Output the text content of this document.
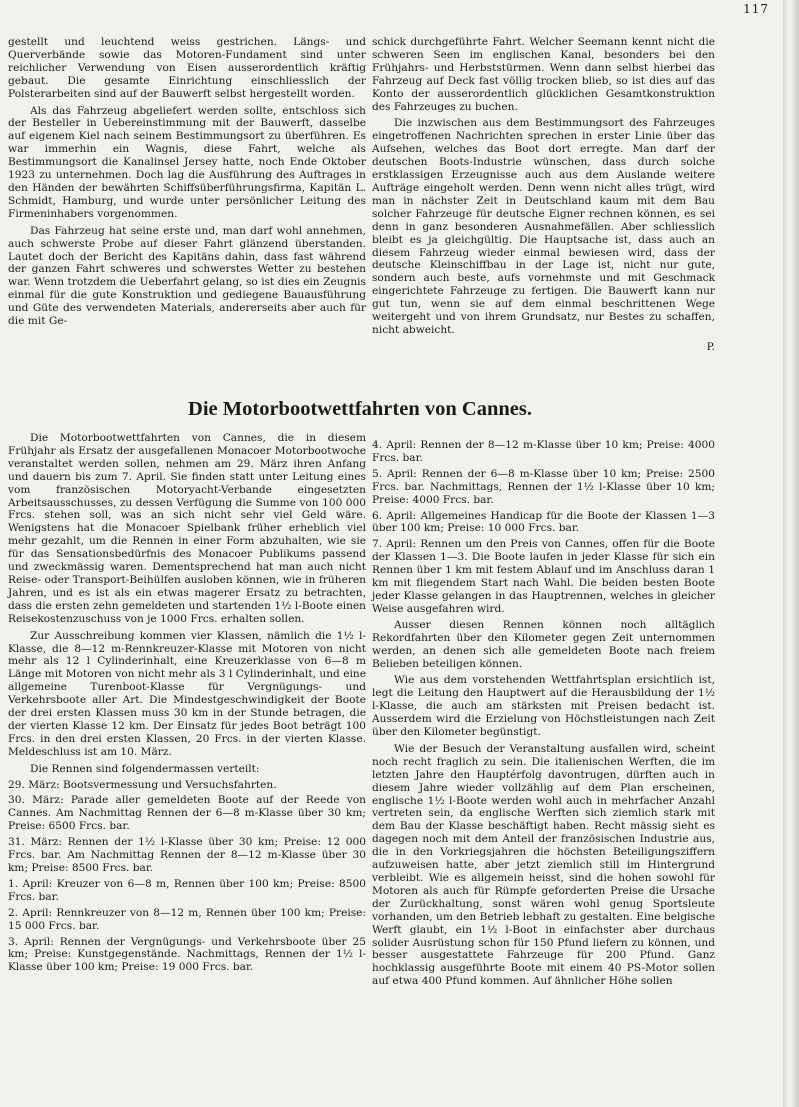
117

gestellt und leuchtend weiss gestrichen. Längs- und Querverbände sowie das Motoren-Fundament sind unter reichlicher Verwendung von Eisen ausserordentlich kräftig gebaut. Die gesamte Einrichtung einschliesslich der Polsterarbeiten sind auf der Bauwerft selbst hergestellt worden.

Als das Fahrzeug abgeliefert werden sollte, entschloss sich der Besteller in Uebereinstimmung mit der Bauwerft, dasselbe auf eigenem Kiel nach seinem Bestimmungsort zu überführen. Es war immerhin ein Wagnis, diese Fahrt, welche als Bestimmungsort die Kanalinsel Jersey hatte, noch Ende Oktober 1923 zu unternehmen. Doch lag die Ausführung des Auftrages in den Händen der bewährten Schiffsüberführungsfirma, Kapitän L. Schmidt, Hamburg, und wurde unter persönlicher Leitung des Firmeninhabers vorgenommen.

Das Fahrzeug hat seine erste und, man darf wohl annehmen, auch schwerste Probe auf dieser Fahrt glänzend überstanden. Lautet doch der Bericht des Kapitäns dahin, dass fast während der ganzen Fahrt schweres und schwerstes Wetter zu bestehen war. Wenn trotzdem die Ueberfahrt gelang, so ist dies ein Zeugnis einmal für die gute Konstruktion und gediegene Bauausführung und Güte des verwendeten Materials, andererseits aber auch für die mit Ge-

schick durchgeführte Fahrt. Welcher Seemann kennt nicht die schweren Seen im englischen Kanal, besonders bei den Frühjahrs- und Herbststürmen. Wenn dann selbst hierbei das Fahrzeug auf Deck fast völlig trocken blieb, so ist dies auf das Konto der ausserordentlich glücklichen Gesamtkonstruktion des Fahrzeuges zu buchen.

Die inzwischen aus dem Bestimmungsort des Fahrzeuges eingetroffenen Nachrichten sprechen in erster Linie über das Aufsehen, welches das Boot dort erregte. Man darf der deutschen Boots-Industrie wünschen, dass durch solche erstklassigen Erzeugnisse auch aus dem Auslande weitere Aufträge eingeholt werden. Denn wenn nicht alles trügt, wird man in nächster Zeit in Deutschland kaum mit dem Bau solcher Fahrzeuge für deutsche Eigner rechnen können, es sei denn in ganz besonderen Ausnahmefällen. Aber schliesslich bleibt es ja gleichgültig. Die Hauptsache ist, dass auch an diesem Fahrzeug wieder einmal bewiesen wird, dass der deutsche Kleinschiffbau in der Lage ist, nicht nur gute, sondern auch beste, aufs vornehmste und mit Geschmack eingerichtete Fahrzeuge zu fertigen. Die Bauwerft kann nur gut tun, wenn sie auf dem einmal beschrittenen Wege weitergeht und von ihrem Grundsatz, nur Bestes zu schaffen, nicht abweicht.

P.

Die Motorbootwettfahrten von Cannes.

Die Motorbootwettfahrten von Cannes, die in diesem Frühjahr als Ersatz der ausgefallenen Monacoer Motorbootwoche veranstaltet werden sollen, nehmen am 29. März ihren Anfang und dauern bis zum 7. April. Sie finden statt unter Leitung eines vom französischen Motoryacht-Verbande eingesetzten Arbeitsausschusses, zu dessen Verfügung die Summe von 100 000 Frcs. stehen soll, was an sich nicht sehr viel Geld wäre. Wenigstens hat die Monacoer Spielbank früher erheblich viel mehr gezahlt, um die Rennen in einer Form abzuhalten, wie sie für das Sensationsbedürfnis des Monacoer Publikums passend und zweckmässig waren. Dementsprechend hat man auch nicht Reise- oder Transport-Beihülfen ausloben können, wie in früheren Jahren, und es ist als ein etwas magerer Ersatz zu betrachten, dass die ersten zehn gemeldeten und startenden 1½ l-Boote einen Reisekostenzuschuss von je 1000 Frcs. erhalten sollen.

Zur Ausschreibung kommen vier Klassen, nämlich die 1½ l-Klasse, die 8—12 m-Rennkreuzer-Klasse mit Motoren von nicht mehr als 12 l Cylinderinhalt, eine Kreuzerklasse von 6—8 m Länge mit Motoren von nicht mehr als 3 l Cylinderinhalt, und eine allgemeine Turenboot-Klasse für Vergnügungs- und Verkehrsboote aller Art. Die Mindestgeschwindigkeit der Boote der drei ersten Klassen muss 30 km in der Stunde betragen, die der vierten Klasse 12 km. Der Einsatz für jedes Boot beträgt 100 Frcs. in den drei ersten Klassen, 20 Frcs. in der vierten Klasse. Meldeschluss ist am 10. März.

Die Rennen sind folgendermassen verteilt:

29. März: Bootsvermessung und Versuchsfahrten.

30. März: Parade aller gemeldeten Boote auf der Reede von Cannes. Am Nachmittag Rennen der 6—8 m-Klasse über 30 km; Preise: 6500 Frcs. bar.

31. März: Rennen der 1½ l-Klasse über 30 km; Preise: 12 000 Frcs. bar. Am Nachmittag Rennen der 8—12 m-Klasse über 30 km; Preise: 8500 Frcs. bar.

1. April: Kreuzer von 6—8 m, Rennen über 100 km; Preise: 8500 Frcs. bar.

2. April: Rennkreuzer von 8—12 m, Rennen über 100 km; Preise: 15 000 Frcs. bar.

3. April: Rennen der Vergnügungs- und Verkehrsboote über 25 km; Preise: Kunstgegenstände. Nachmittags, Rennen der 1½ l-Klasse über 100 km; Preise: 19 000 Frcs. bar.

4. April: Rennen der 8—12 m-Klasse über 10 km; Preise: 4000 Frcs. bar.

5. April: Rennen der 6—8 m-Klasse über 10 km; Preise: 2500 Frcs. bar. Nachmittags, Rennen der 1½ l-Klasse über 10 km; Preise: 4000 Frcs. bar.

6. April: Allgemeines Handicap für die Boote der Klassen 1—3 über 100 km; Preise: 10 000 Frcs. bar.

7. April: Rennen um den Preis von Cannes, offen für die Boote der Klassen 1—3. Die Boote laufen in jeder Klasse für sich ein Rennen über 1 km mit festem Ablauf und im Anschluss daran 1 km mit fliegendem Start nach Wahl. Die beiden besten Boote jeder Klasse gelangen in das Hauptrennen, welches in gleicher Weise ausgefahren wird.

Ausser diesen Rennen können noch alltäglich Rekordfahrten über den Kilometer gegen Zeit unternommen werden, an denen sich alle gemeldeten Boote nach freiem Belieben beteiligen können.

Wie aus dem vorstehenden Wettfahrtsplan ersichtlich ist, legt die Leitung den Hauptwert auf die Herausbildung der 1½ l-Klasse, die auch am stärksten mit Preisen bedacht ist. Ausserdem wird die Erzielung von Höchstleistungen nach Zeit über den Kilometer begünstigt.

Wie der Besuch der Veranstaltung ausfallen wird, scheint noch recht fraglich zu sein. Die italienischen Werften, die im letzten Jahre den Hauptérfolg davontrugen, dürften auch in diesem Jahre wieder vollzählig auf dem Plan erscheinen, englische 1½ l-Boote werden wohl auch in mehrfacher Anzahl vertreten sein, da englische Werften sich ziemlich stark mit dem Bau der Klasse beschäftigt haben. Recht mässig sieht es dagegen noch mit dem Anteil der französischen Industrie aus, die in den Vorkriegsjahren die höchsten Beteiligungsziffern aufzuweisen hatte, aber jetzt ziemlich still im Hintergrund verbleibt. Wie es allgemein heisst, sind die hohen sowohl für Motoren als auch für Rümpfe geforderten Preise die Ursache der Zurückhaltung, sonst wären wohl genug Sportsleute vorhanden, um den Betrieb lebhaft zu gestalten. Eine belgische Werft glaubt, ein 1½ l-Boot in einfachster aber durchaus solider Ausrüstung schon für 150 Pfund liefern zu können, und besser ausgestattete Fahrzeuge für 200 Pfund. Ganz hochklassig ausgeführte Boote mit einem 40 PS-Motor sollen auf etwa 400 Pfund kommen. Auf ähnlicher Höhe sollen
